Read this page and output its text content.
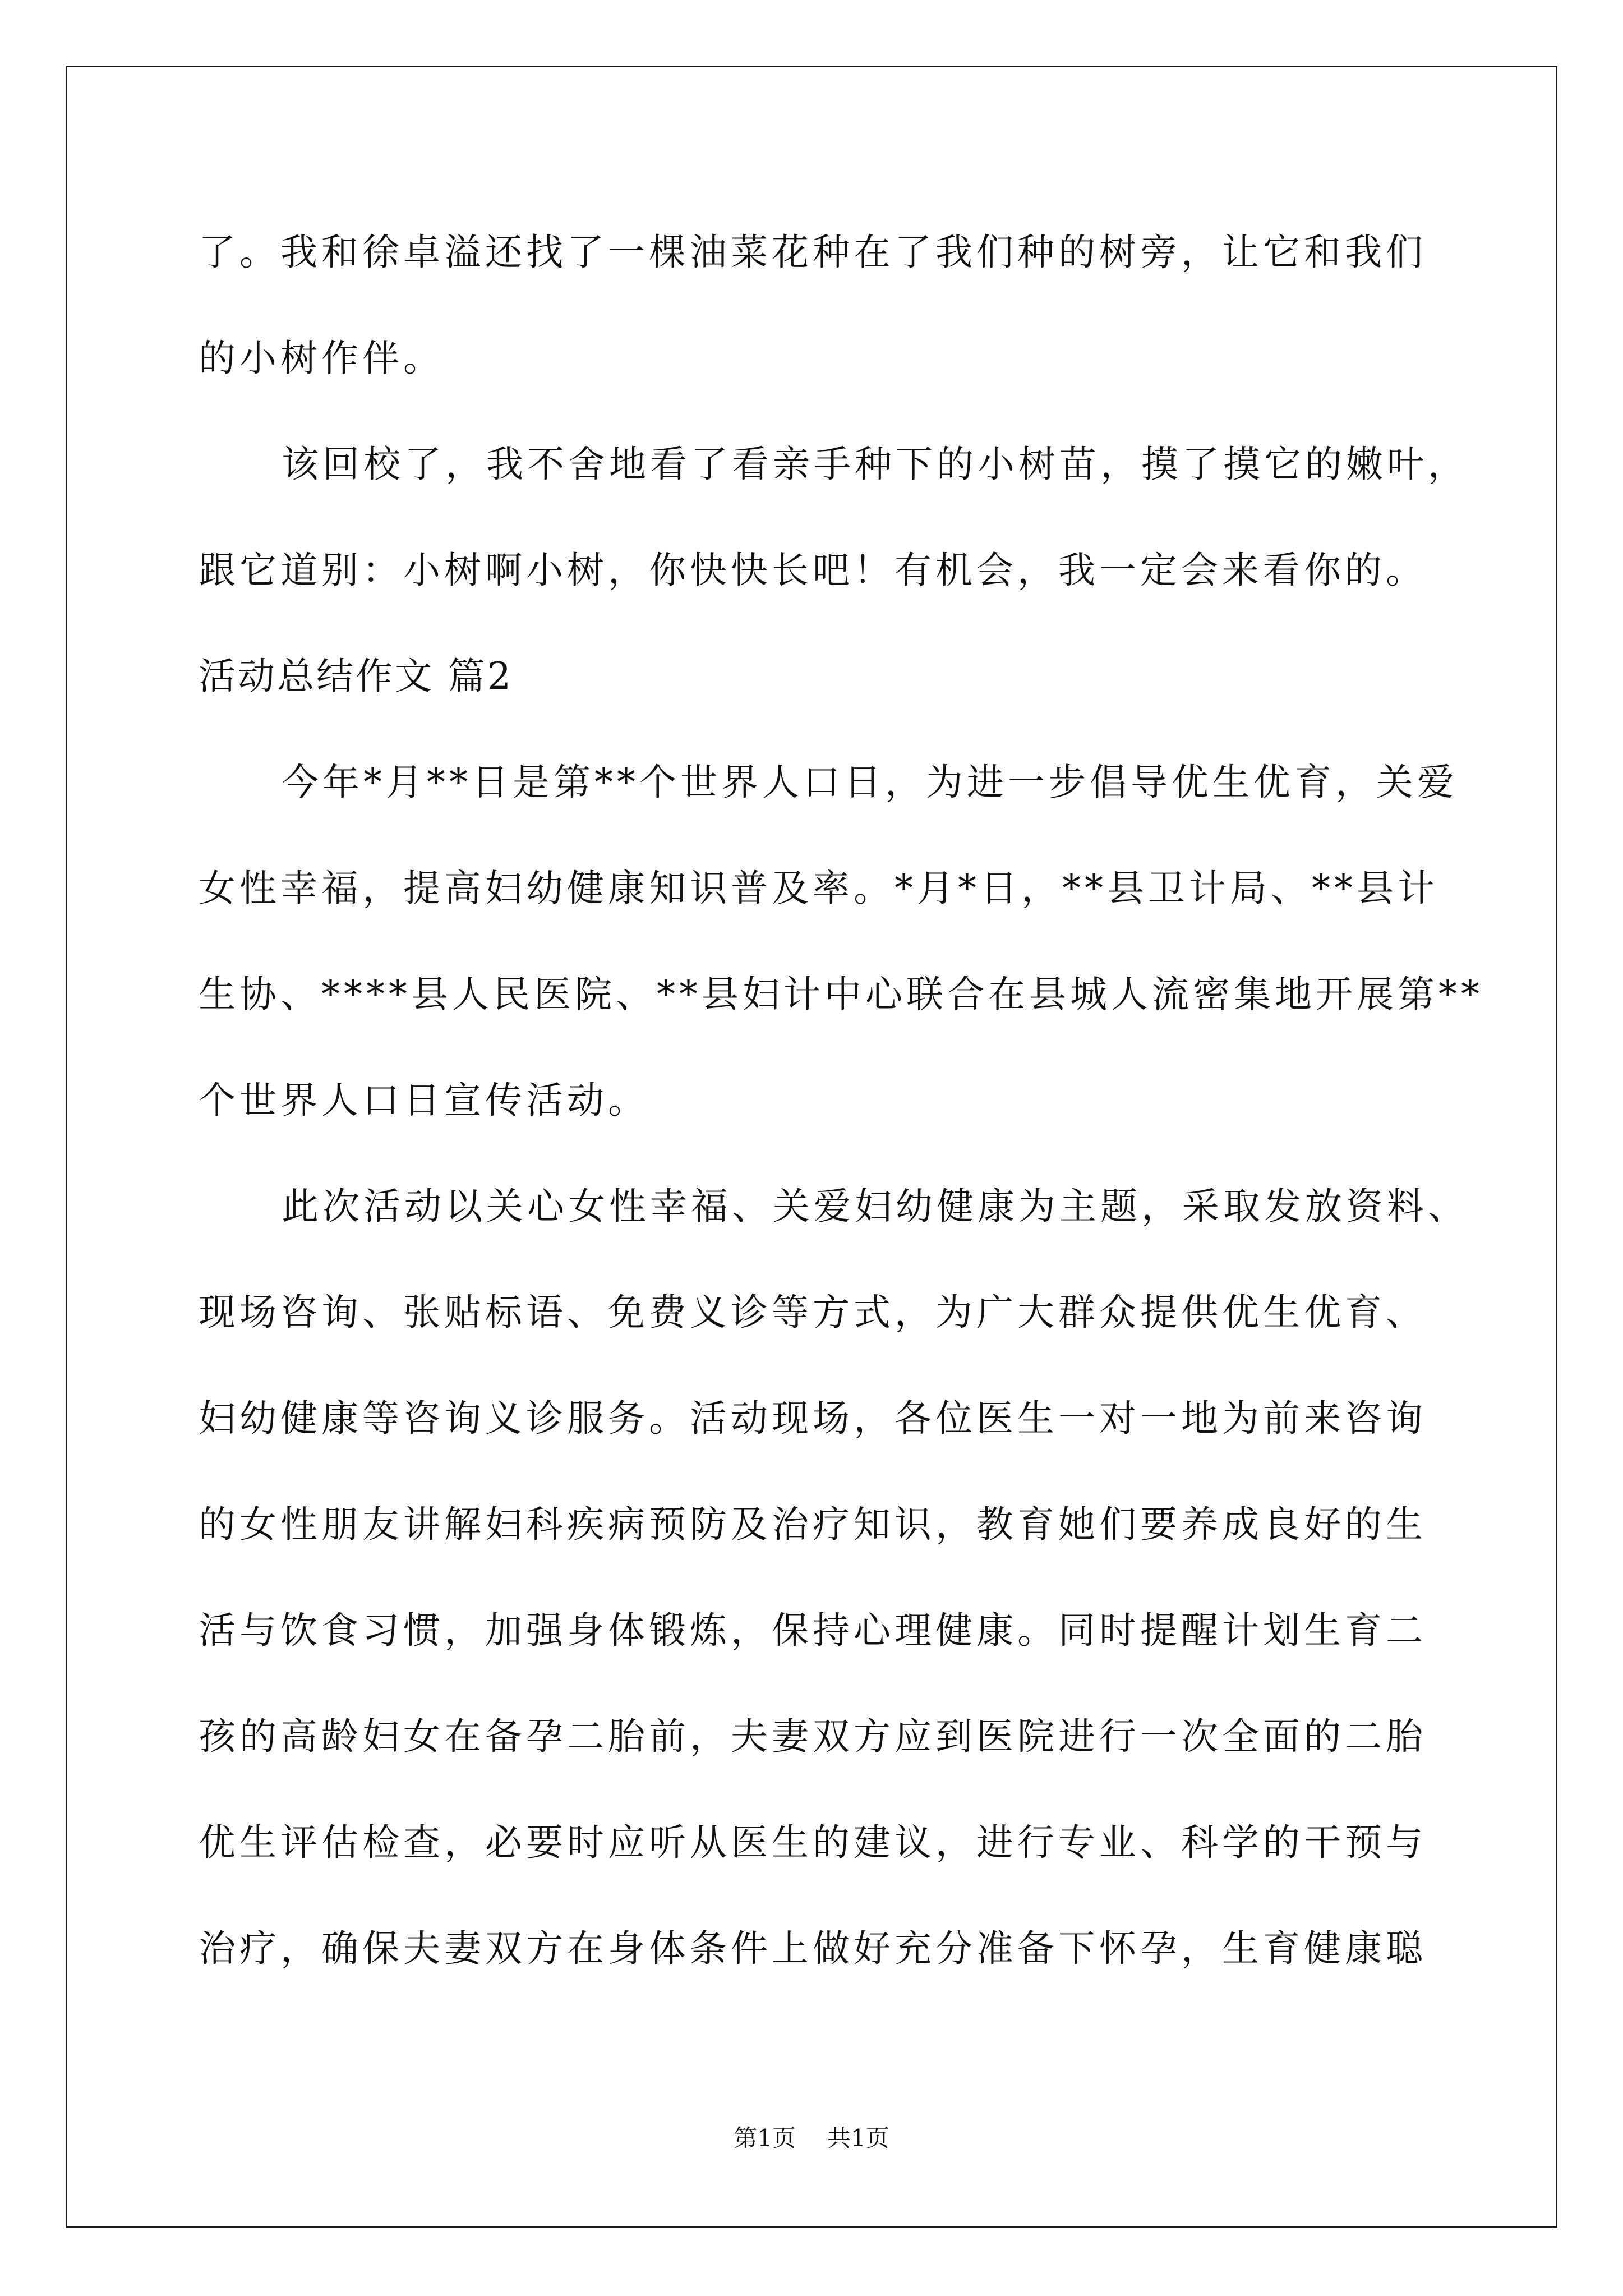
了。我和徐卓溢还找了一棵油菜花种在了我们种的树旁，让它和我们
的小树作伴。
该回校了，我不舍地看了看亲手种下的小树苗，摸了摸它的嫩叶，
跟它道别：小树啊小树，你快快长吧！有机会，我一定会来看你的。
活动总结作文 篇2
今年*月**日是第**个世界人口日，为进一步倡导优生优育，关爱
女性幸福，提高妇幼健康知识普及率。*月*日，**县卫计局、**县计
生协、****县人民医院、**县妇计中心联合在县城人流密集地开展第**
个世界人口日宣传活动。
此次活动以关心女性幸福、关爱妇幼健康为主题，采取发放资料、
现场咨询、张贴标语、免费义诊等方式，为广大群众提供优生优育、
妇幼健康等咨询义诊服务。活动现场，各位医生一对一地为前来咨询
的女性朋友讲解妇科疾病预防及治疗知识，教育她们要养成良好的生
活与饮食习惯，加强身体锻炼，保持心理健康。同时提醒计划生育二
孩的高龄妇女在备孕二胎前，夫妻双方应到医院进行一次全面的二胎
优生评估检查，必要时应听从医生的建议，进行专业、科学的干预与
治疗，确保夫妻双方在身体条件上做好充分准备下怀孕，生育健康聪
第1页 共1页
